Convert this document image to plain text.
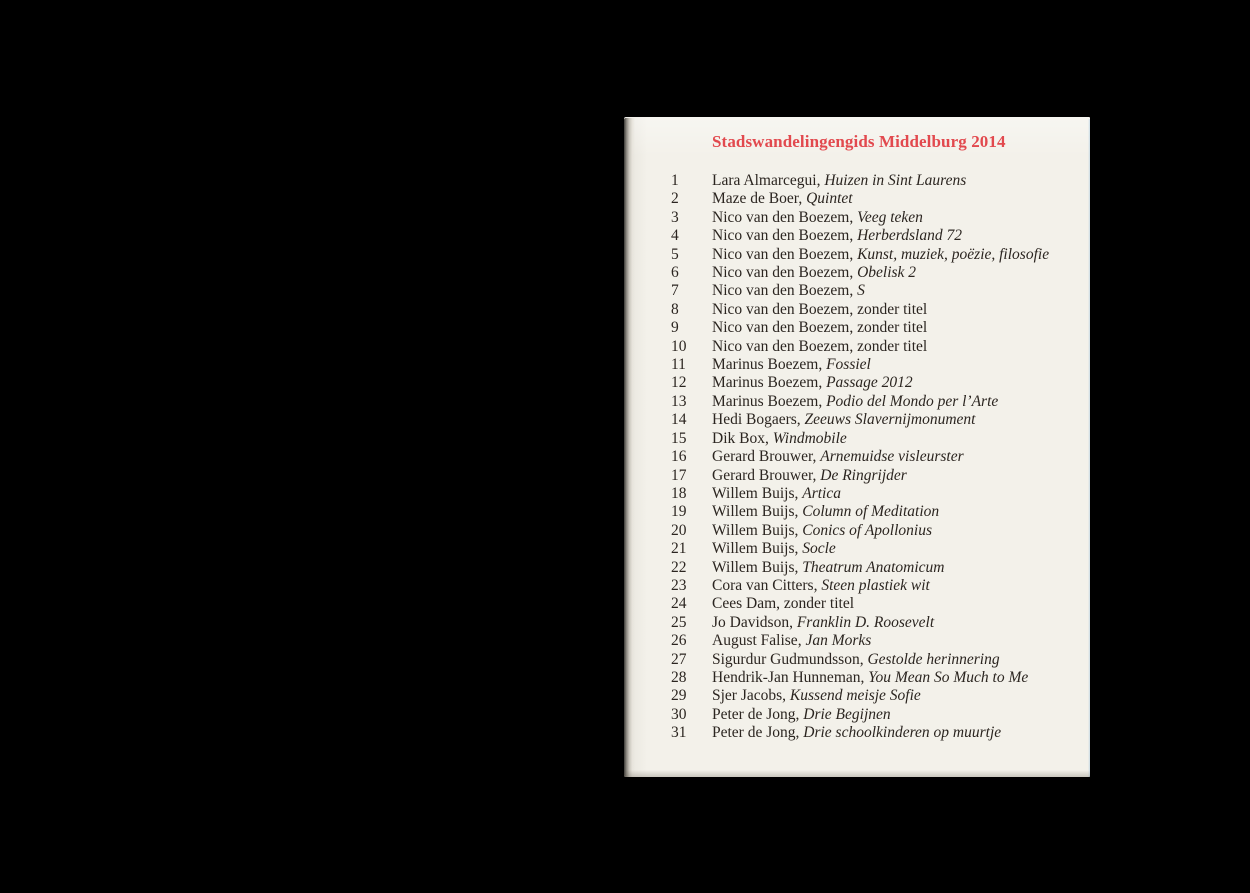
Stadswandelingengids Middelburg 2014
1	Lara Almarcegui, Huizen in Sint Laurens
2	Maze de Boer, Quintet
3	Nico van den Boezem, Veeg teken
4	Nico van den Boezem, Herberdsland 72
5	Nico van den Boezem, Kunst, muziek, poëzie, filosofie
6	Nico van den Boezem, Obelisk 2
7	Nico van den Boezem, S
8	Nico van den Boezem, zonder titel
9	Nico van den Boezem, zonder titel
10	Nico van den Boezem, zonder titel
11	Marinus Boezem, Fossiel
12	Marinus Boezem, Passage 2012
13	Marinus Boezem, Podio del Mondo per l’Arte
14	Hedi Bogaers, Zeeuws Slavernijmonument
15	Dik Box, Windmobile
16	Gerard Brouwer, Arnemuidse visleurster
17	Gerard Brouwer, De Ringrijder
18	Willem Buijs, Artica
19	Willem Buijs, Column of Meditation
20	Willem Buijs, Conics of Apollonius
21	Willem Buijs, Socle
22	Willem Buijs, Theatrum Anatomicum
23	Cora van Citters, Steen plastiek wit
24	Cees Dam, zonder titel
25	Jo Davidson, Franklin D. Roosevelt
26	August Falise, Jan Morks
27	Sigurdur Gudmundsson, Gestolde herinnering
28	Hendrik-Jan Hunneman, You Mean So Much to Me
29	Sjer Jacobs, Kussend meisje Sofie
30	Peter de Jong, Drie Begijnen
31	Peter de Jong, Drie schoolkinderen op muurtje
